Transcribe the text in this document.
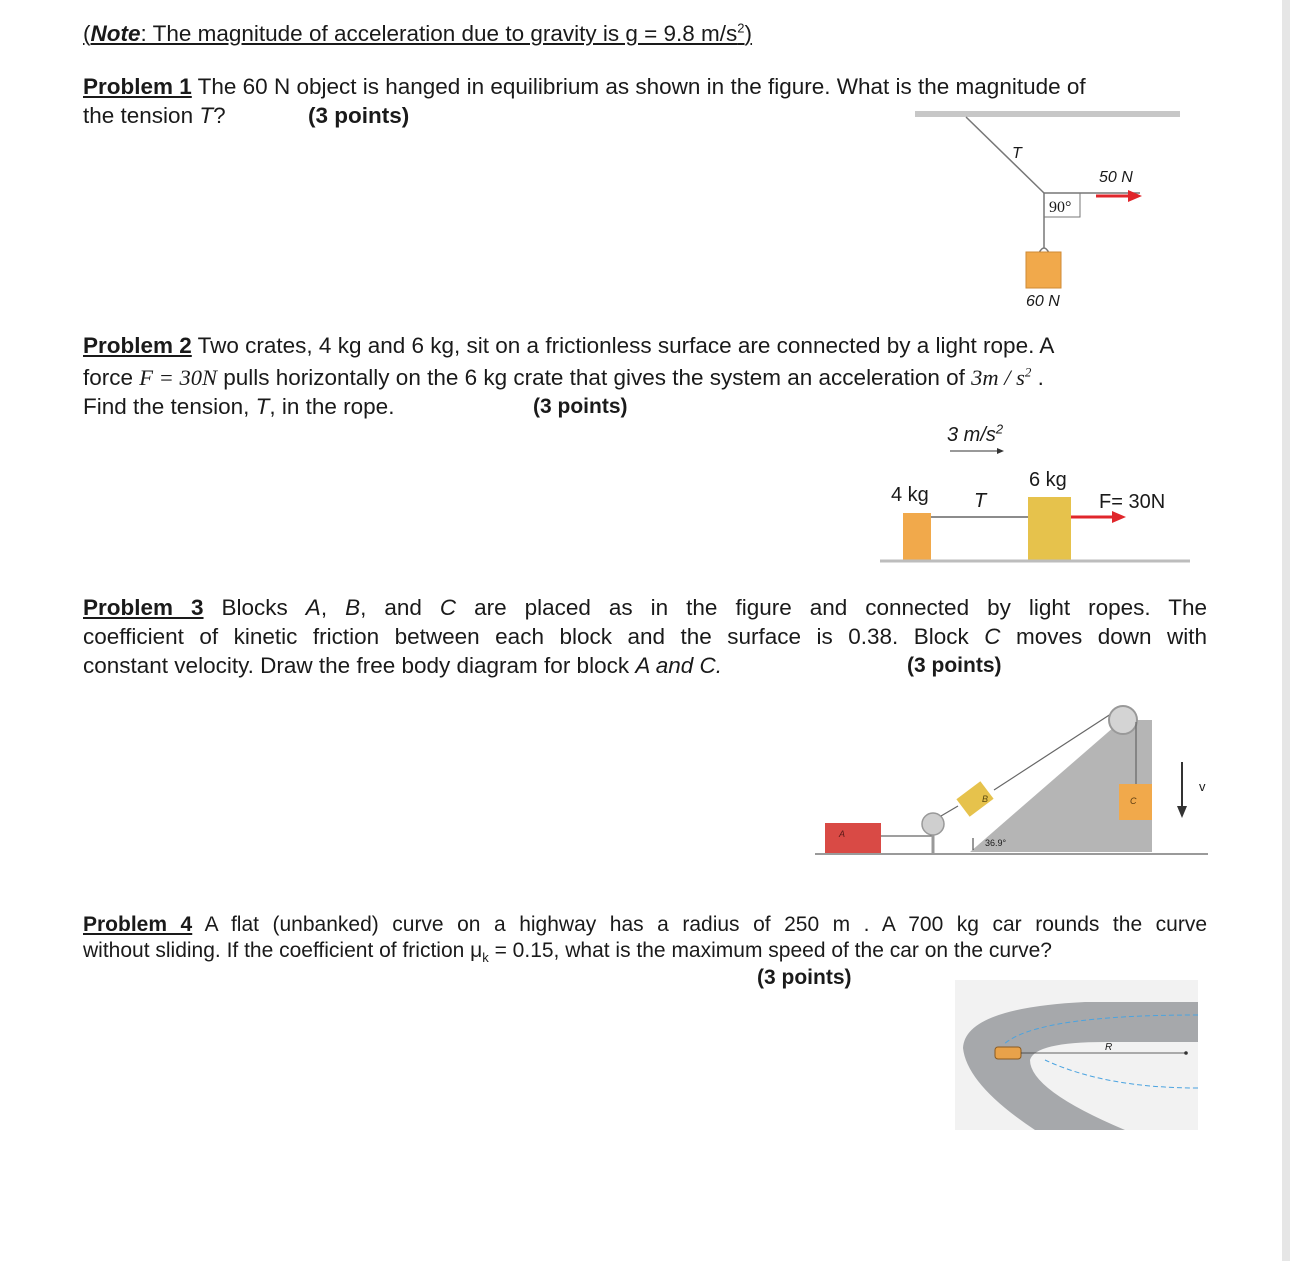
(Note: The magnitude of acceleration due to gravity is g = 9.8 $m/s^2$)
Problem 1 The 60 N object is hanged in equilibrium as shown in the figure. What is the magnitude of
the tension T?	(3 points)
T
50 N
90°
60 N
Problem 2 Two crates, 4 kg and 6 kg, sit on a frictionless surface are connected by a light rope. A
force F = 30N pulls horizontally on the 6 kg crate that gives the system an acceleration of $3m / s^2$ .
Find the tension, T, in the rope.	(3 points)
3 $m/s^2$
4 kg T
6 kg
F= 30N
Problem 3 Blocks A, B, and C are placed as in the figure and connected by light ropes. The
coefficient of kinetic friction between each block and the surface is 0.38. Block C moves down with
constant velocity. Draw the free body diagram for block A and C.	(3 points)
A
B	C
36.9°
v
Problem 4 A flat (unbanked) curve on a highway has a radius of 250 m . A 700 kg car rounds the curve
without sliding. If the coefficient of friction $\mu_k = 0.15$, what is the maximum speed of the car on the curve?
(3 points)
R
